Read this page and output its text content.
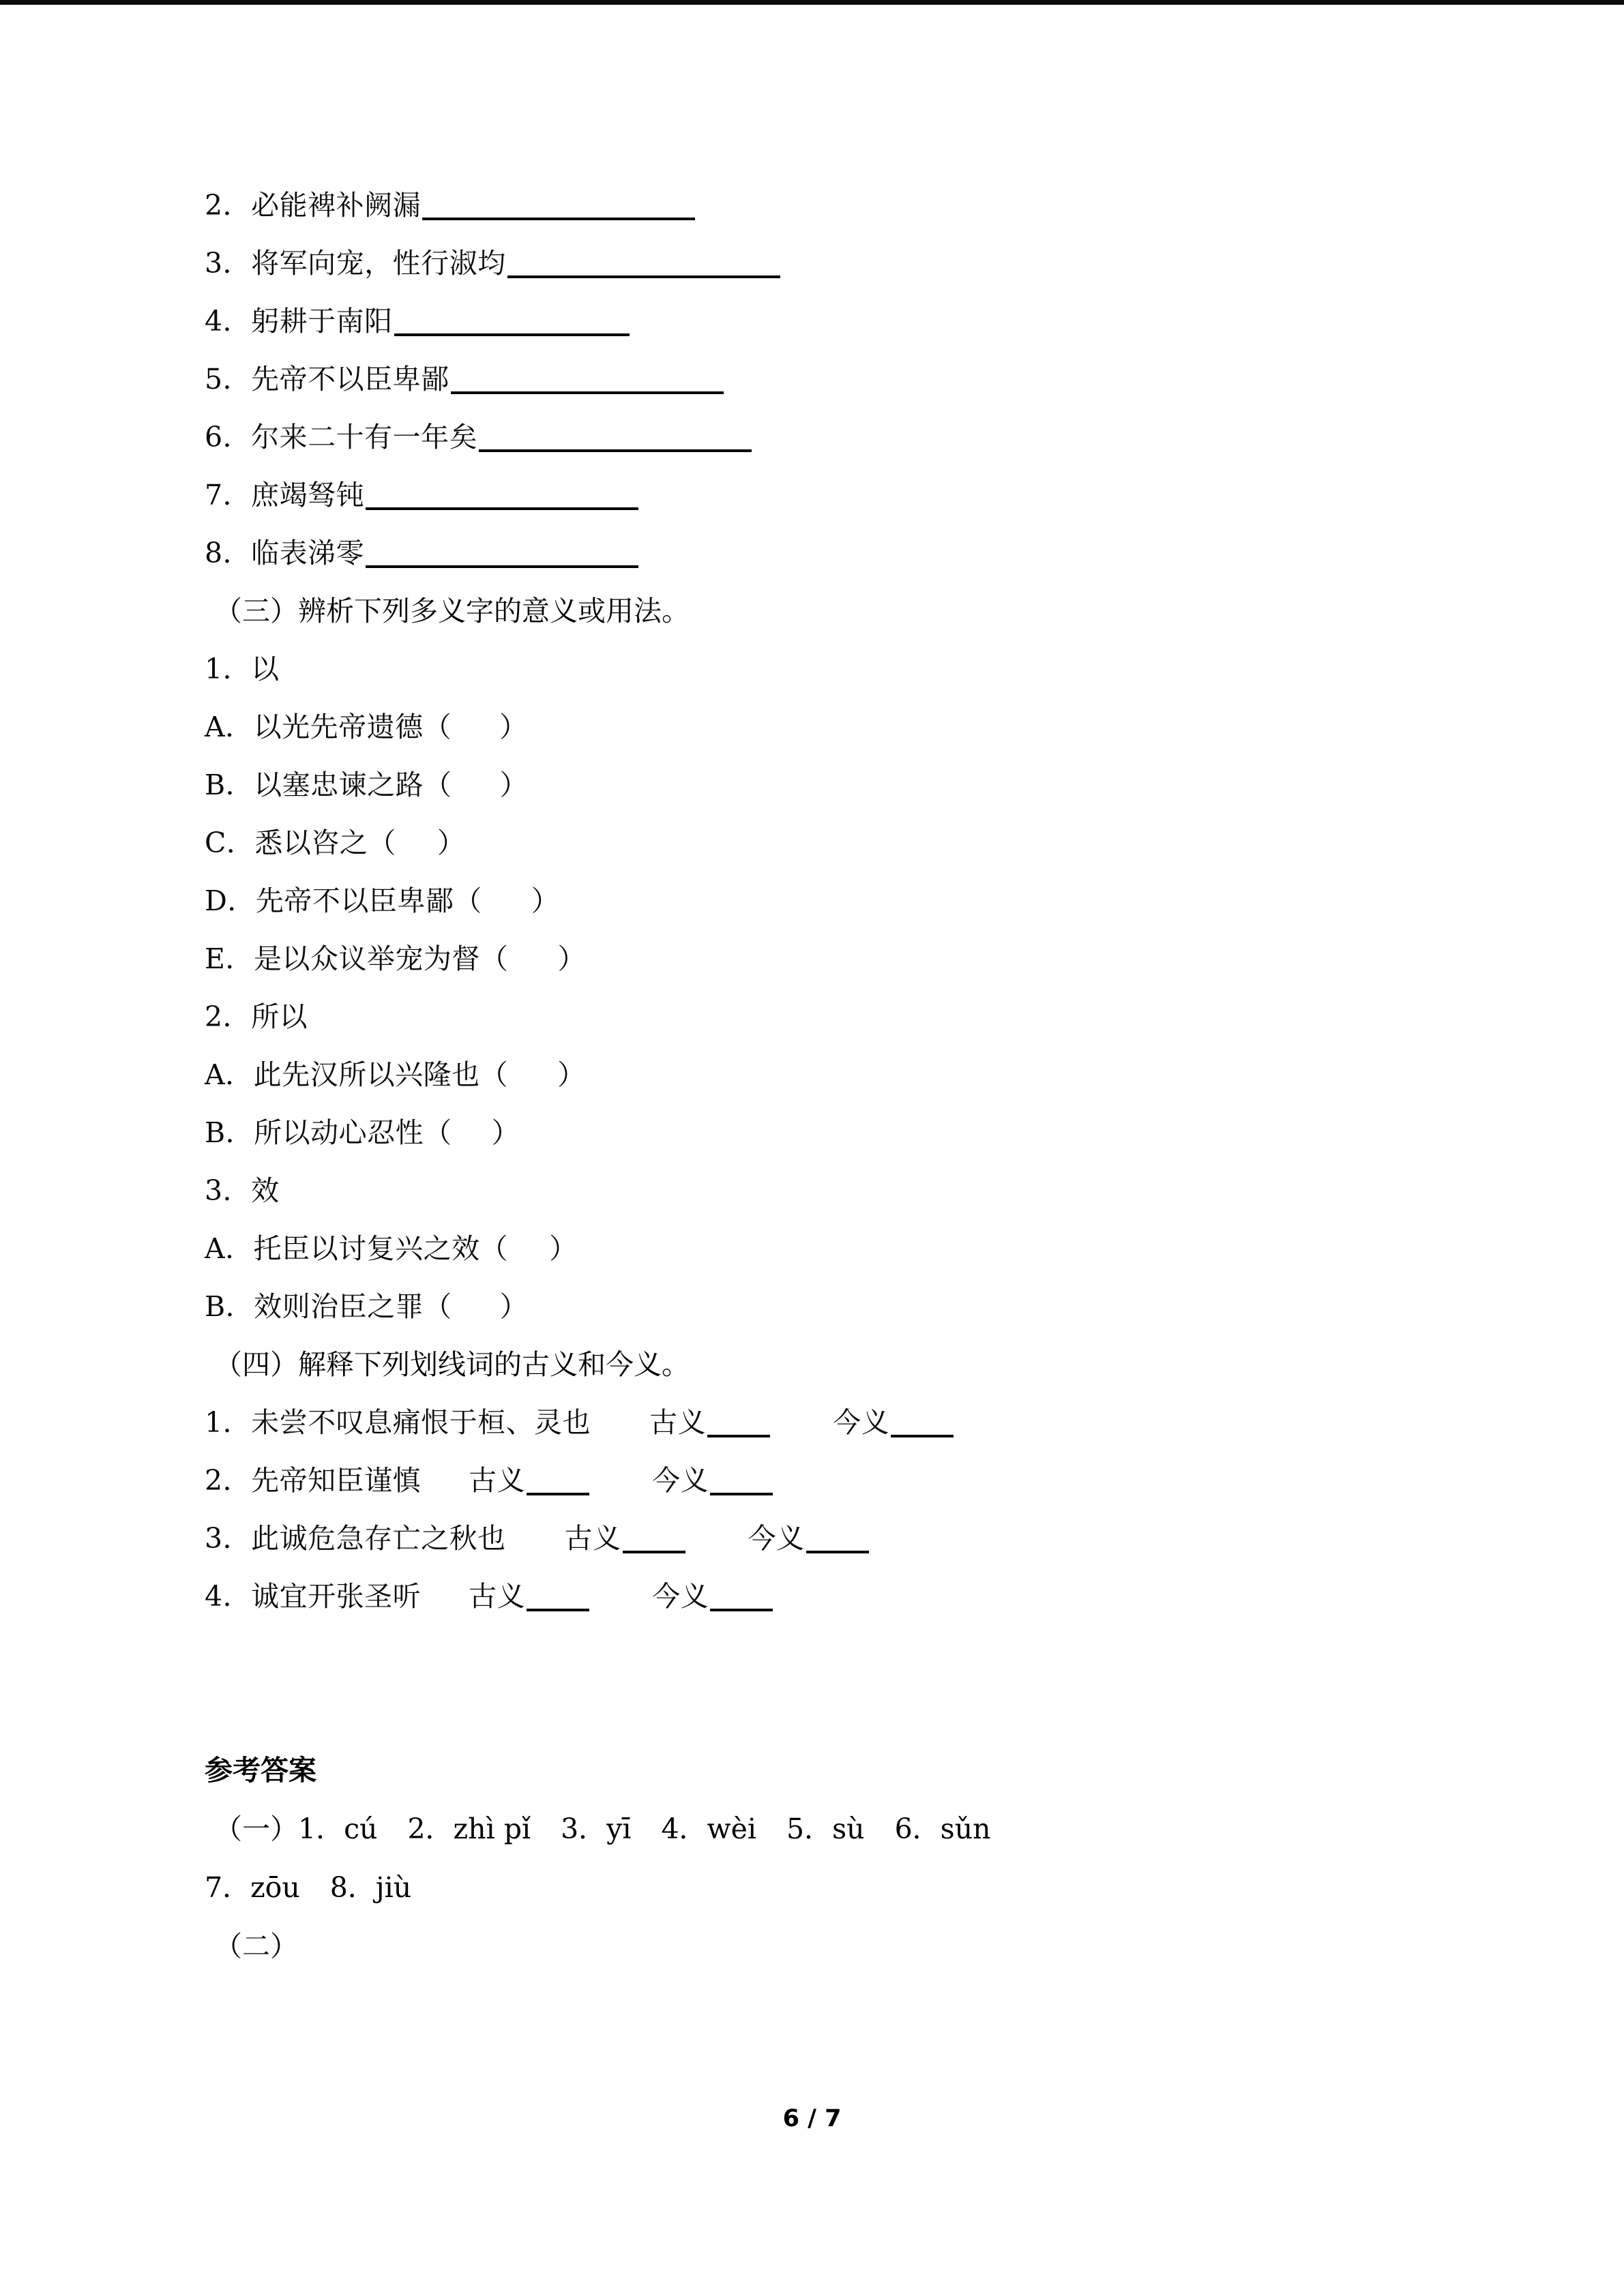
2．必能裨补阙漏
3．将军向宠，性行淑均
4．躬耕于南阳
5．先帝不以臣卑鄙
6．尔来二十有一年矣
7．庶竭驽钝
8．临表涕零
（三）辨析下列多义字的意义或用法。
1．以
A．以光先帝遗德（ ）
B．以塞忠谏之路（ ）
C．悉以咨之（ ）
D．先帝不以臣卑鄙（ ）
E．是以众议举宠为督（ ）
2．所以
A．此先汉所以兴隆也（ ）
B．所以动心忍性（ ）
3．效
A．托臣以讨复兴之效（ ）
B．效则治臣之罪（ ）
（四）解释下列划线词的古义和今义。
1．未尝不叹息痛恨于桓、灵也 古义	今义
2．先帝知臣谨慎 古义	今义
3．此诚危急存亡之秋也 古义	今义
4．诚宜开张圣听 古义	今义
参考答案
（一）1．cú 2．zhì pǐ 3．yī 4．wèi 5．sù 6．sǔn
7．zōu 8．jiù
（二）
6 / 7
